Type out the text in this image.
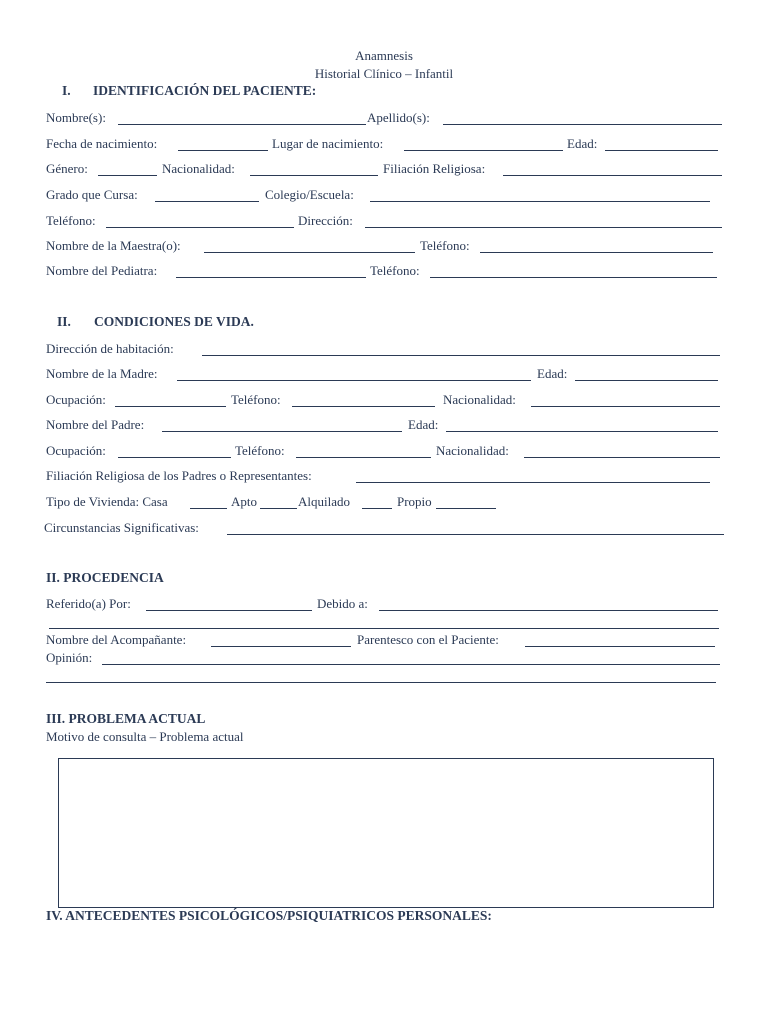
Anamnesis
Historial Clínico – Infantil
I. IDENTIFICACIÓN DEL PACIENTE:
Nombre(s):	Apellido(s):
Fecha de nacimiento:	Lugar de nacimiento:	Edad:
Género:	Nacionalidad:	Filiación Religiosa:
Grado que Cursa:	Colegio/Escuela:
Teléfono:	Dirección:
Nombre de la Maestra(o):	Teléfono:
Nombre del Pediatra:	Teléfono:
II. CONDICIONES DE VIDA.
Dirección de habitación:
Nombre de la Madre:	Edad:
Ocupación:	Teléfono:	Nacionalidad:
Nombre del Padre:	Edad:
Ocupación:	Teléfono:	Nacionalidad:
Filiación Religiosa de los Padres o Representantes:
Tipo de Vivienda: Casa	Apto	Alquilado	Propio
Circunstancias Significativas:
II. PROCEDENCIA
Referido(a) Por:	Debido a:
Nombre del Acompañante:	Parentesco con el Paciente:
Opinión:
III. PROBLEMA ACTUAL
Motivo de consulta – Problema actual
IV. ANTECEDENTES PSICOLÓGICOS/PSIQUIATRICOS PERSONALES:
